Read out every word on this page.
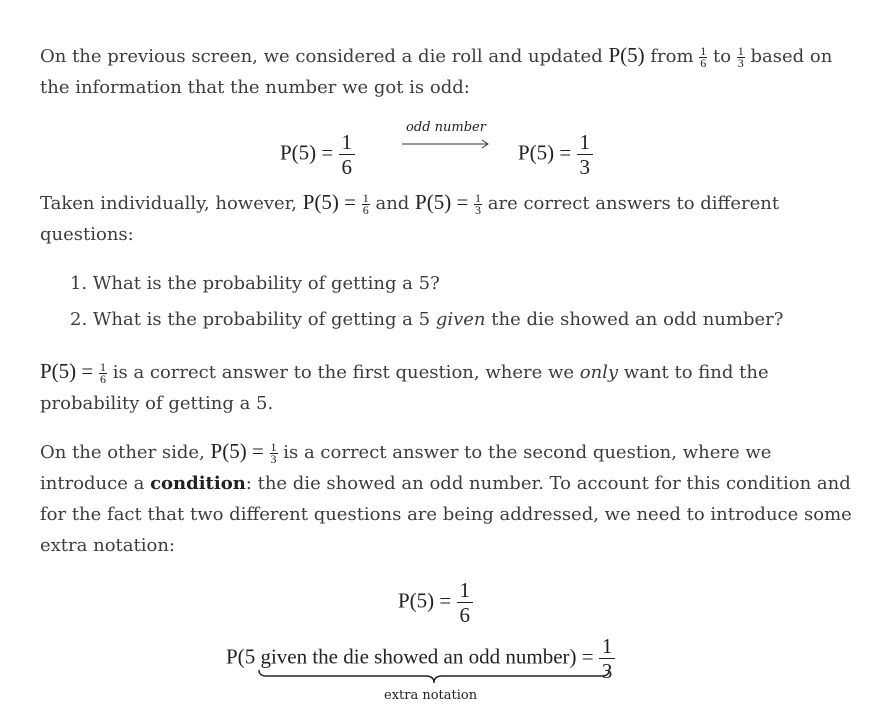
On the previous screen, we considered a die roll and updated P(5) from $\frac{1}{6}$ to $\frac{1}{3}$ based on the information that the number we got is odd:
$P(5) = \frac{1}{6}$
odd number
$P(5) = \frac{1}{3}$
Taken individually, however, $P(5) = \frac{1}{6}$ and $P(5) = \frac{1}{3}$ are correct answers to different questions:
1. What is the probability of getting a 5?
2. What is the probability of getting a 5 given the die showed an odd number?
$P(5) = \frac{1}{6}$ is a correct answer to the first question, where we only want to find the probability of getting a 5.
On the other side, $P(5) = \frac{1}{3}$ is a correct answer to the second question, where we introduce a condition: the die showed an odd number. To account for this condition and for the fact that two different questions are being addressed, we need to introduce some extra notation:
$P(5) = \frac{1}{6}$
P(5 given the die showed an odd number) = $\frac{1}{3}$
extra notation
